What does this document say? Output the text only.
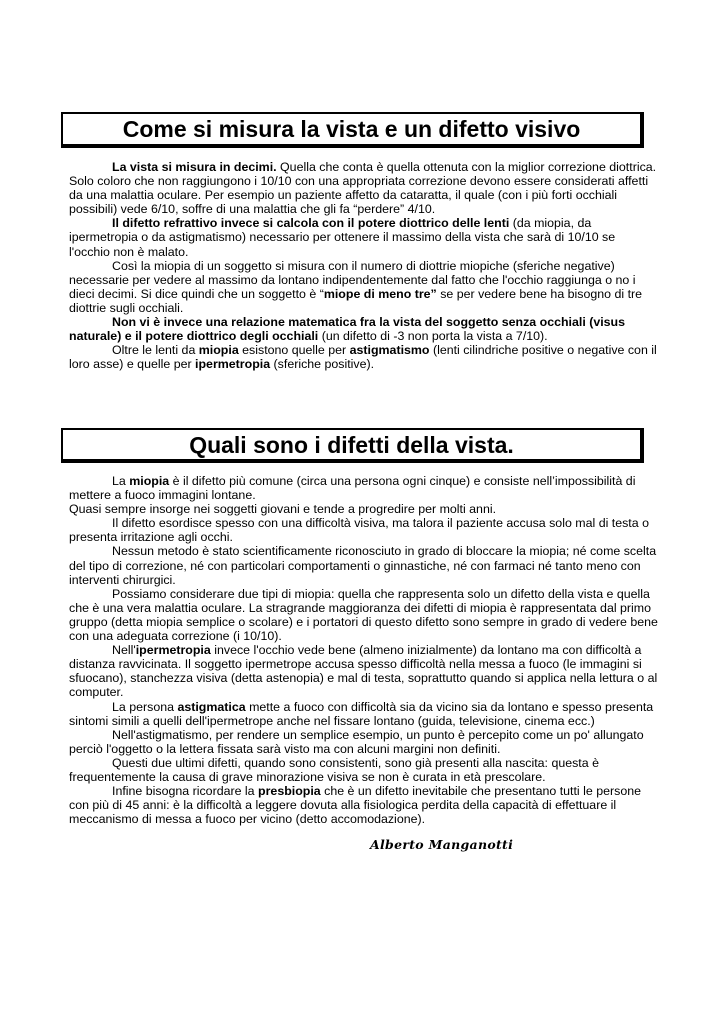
Come si misura la vista e un difetto visivo

La vista si misura in decimi. Quella che conta è quella ottenuta con la miglior correzione diottrica. Solo coloro che non raggiungono i 10/10 con una appropriata correzione devono essere considerati affetti da una malattia oculare. Per esempio un paziente affetto da cataratta, il quale (con i più forti occhiali possibili) vede 6/10, soffre di una malattia che gli fa “perdere” 4/10.

Il difetto refrattivo invece si calcola con il potere diottrico delle lenti (da miopia, da ipermetropia o da astigmatismo) necessario per ottenere il massimo della vista che sarà di 10/10 se l'occhio non è malato.

Così la miopia di un soggetto si misura con il numero di diottrie miopiche (sferiche negative) necessarie per vedere al massimo da lontano indipendentemente dal fatto che l'occhio raggiunga o no i dieci decimi. Si dice quindi che un soggetto è “miope di meno tre” se per vedere bene ha bisogno di tre diottrie sugli occhiali.

Non vi è invece una relazione matematica fra la vista del soggetto senza occhiali (visus naturale) e il potere diottrico degli occhiali (un difetto di -3 non porta la vista a 7/10).

Oltre le lenti da miopia esistono quelle per astigmatismo (lenti cilindriche positive o negative con il loro asse) e quelle per ipermetropia (sferiche positive).

Quali sono i difetti della vista.

La miopia è il difetto più comune (circa una persona ogni cinque) e consiste nell’impossibilità di mettere a fuoco immagini lontane.

Quasi sempre insorge nei soggetti giovani e tende a progredire per molti anni.

Il difetto esordisce spesso con una difficoltà visiva, ma talora il paziente accusa solo mal di testa o presenta irritazione agli occhi.

Nessun metodo è stato scientificamente riconosciuto in grado di bloccare la miopia; né come scelta del tipo di correzione, né con particolari comportamenti o ginnastiche, né con farmaci né tanto meno con interventi chirurgici.

Possiamo considerare due tipi di miopia: quella che rappresenta solo un difetto della vista e quella che è una vera malattia oculare. La stragrande maggioranza dei difetti di miopia è rappresentata dal primo gruppo (detta miopia semplice o scolare) e i portatori di questo difetto sono sempre in grado di vedere bene con una adeguata correzione (i 10/10).

Nell'ipermetropia invece l'occhio vede bene (almeno inizialmente) da lontano ma con difficoltà a distanza ravvicinata. Il soggetto ipermetrope accusa spesso difficoltà nella messa a fuoco (le immagini si sfuocano), stanchezza visiva (detta astenopia) e mal di testa, soprattutto quando si applica nella lettura o al computer.

La persona astigmatica mette a fuoco con difficoltà sia da vicino sia da lontano e spesso presenta sintomi simili a quelli dell'ipermetrope anche nel fissare lontano (guida, televisione, cinema ecc.)

Nell'astigmatismo, per rendere un semplice esempio, un punto è percepito come un po' allungato perciò l'oggetto o la lettera fissata sarà visto ma con alcuni margini non definiti.

Questi due ultimi difetti, quando sono consistenti, sono già presenti alla nascita: questa è frequentemente la causa di grave minorazione visiva se non è curata in età prescolare.

Infine bisogna ricordare la presbiopia che è un difetto inevitabile che presentano tutti le persone con più di 45 anni: è la difficoltà a leggere dovuta alla fisiologica perdita della capacità di effettuare il meccanismo di messa a fuoco per vicino (detto accomodazione).

Alberto Manganotti
